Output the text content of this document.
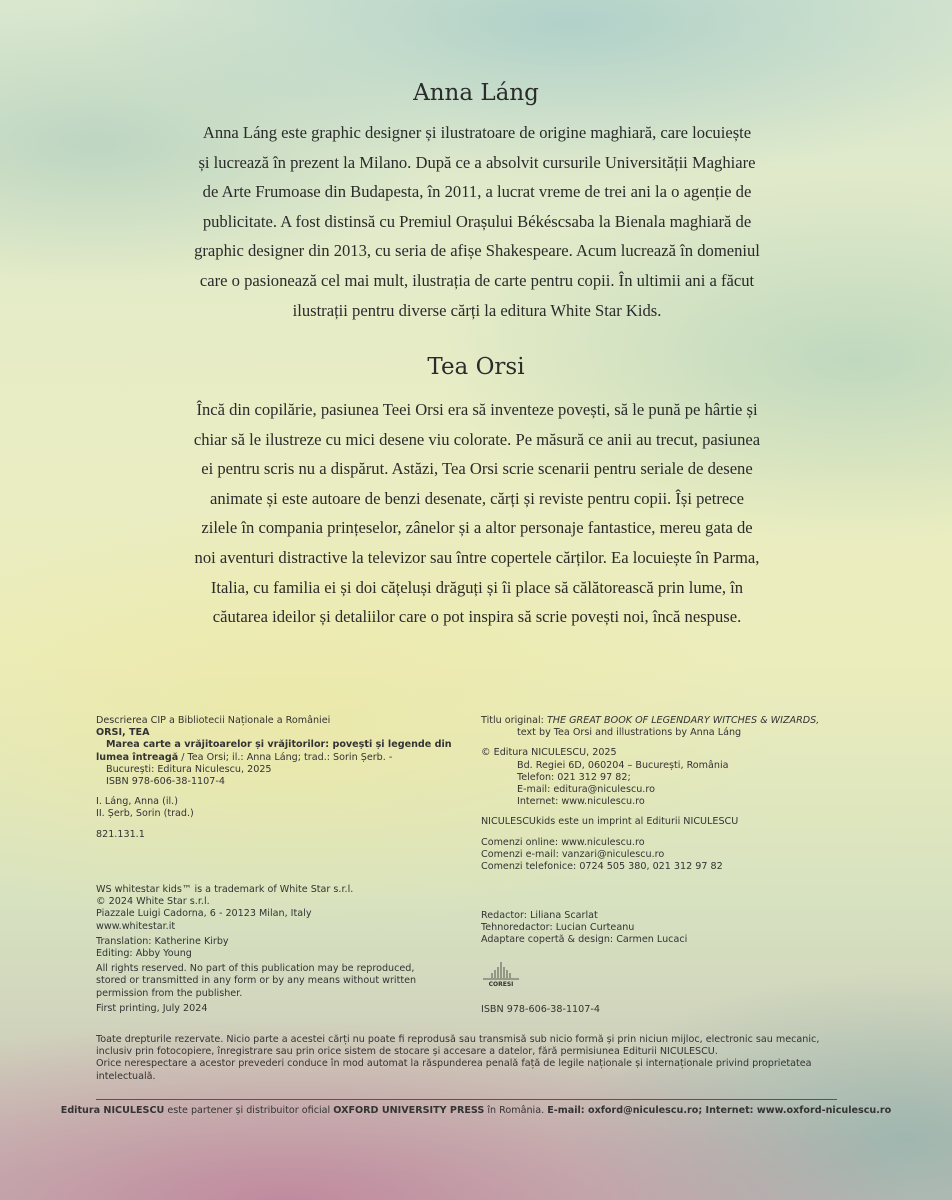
Anna Láng
Anna Láng este graphic designer și ilustratoare de origine maghiară, care locuiește
și lucrează în prezent la Milano. După ce a absolvit cursurile Universității Maghiare
de Arte Frumoase din Budapesta, în 2011, a lucrat vreme de trei ani la o agenție de
publicitate. A fost distinsă cu Premiul Orașului Békéscsaba la Bienala maghiară de
graphic designer din 2013, cu seria de afișe Shakespeare. Acum lucrează în domeniul
care o pasionează cel mai mult, ilustrația de carte pentru copii. În ultimii ani a făcut
ilustrații pentru diverse cărți la editura White Star Kids.
Tea Orsi
Încă din copilărie, pasiunea Teei Orsi era să inventeze povești, să le pună pe hârtie și
chiar să le ilustreze cu mici desene viu colorate. Pe măsură ce anii au trecut, pasiunea
ei pentru scris nu a dispărut. Astăzi, Tea Orsi scrie scenarii pentru seriale de desene
animate și este autoare de benzi desenate, cărți și reviste pentru copii. Își petrece
zilele în compania prințeselor, zânelor și a altor personaje fantastice, mereu gata de
noi aventuri distractive la televizor sau între copertele cărților. Ea locuiește în Parma,
Italia, cu familia ei și doi cățeluși drăguți și îi place să călătorească prin lume, în
căutarea ideilor și detaliilor care o pot inspira să scrie povești noi, încă nespuse.
Descrierea CIP a Bibliotecii Naționale a României
ORSI, TEA
Marea carte a vrăjitoarelor și vrăjitorilor: povești și legende din
lumea întreagă / Tea Orsi; il.: Anna Láng; trad.: Sorin Șerb. -
București: Editura Niculescu, 2025
ISBN 978-606-38-1107-4
I. Láng, Anna (il.)
II. Șerb, Sorin (trad.)
821.131.1
WS whitestar kids™ is a trademark of White Star s.r.l.
© 2024 White Star s.r.l.
Piazzale Luigi Cadorna, 6 - 20123 Milan, Italy
www.whitestar.it
Translation: Katherine Kirby
Editing: Abby Young
All rights reserved. No part of this publication may be reproduced,
stored or transmitted in any form or by any means without written
permission from the publisher.
First printing, July 2024
Titlu original: THE GREAT BOOK OF LEGENDARY WITCHES & WIZARDS,
text by Tea Orsi and illustrations by Anna Láng
© Editura NICULESCU, 2025
Bd. Regiei 6D, 060204 – București, România
Telefon: 021 312 97 82;
E-mail: editura@niculescu.ro
Internet: www.niculescu.ro
NICULESCUkids este un imprint al Editurii NICULESCU
Comenzi online: www.niculescu.ro
Comenzi e-mail: vanzari@niculescu.ro
Comenzi telefonice: 0724 505 380, 021 312 97 82
Redactor: Liliana Scarlat
Tehnoredactor: Lucian Curteanu
Adaptare copertă & design: Carmen Lucaci
CORESI
ISBN 978-606-38-1107-4
Toate drepturile rezervate. Nicio parte a acestei cărți nu poate fi reprodusă sau transmisă sub nicio formă și prin niciun mijloc, electronic sau mecanic,
inclusiv prin fotocopiere, înregistrare sau prin orice sistem de stocare și accesare a datelor, fără permisiunea Editurii NICULESCU.
Orice nerespectare a acestor prevederi conduce în mod automat la răspunderea penală față de legile naționale și internaționale privind proprietatea
intelectuală.
Editura NICULESCU este partener și distribuitor oficial OXFORD UNIVERSITY PRESS în România. E-mail: oxford@niculescu.ro; Internet: www.oxford-niculescu.ro
